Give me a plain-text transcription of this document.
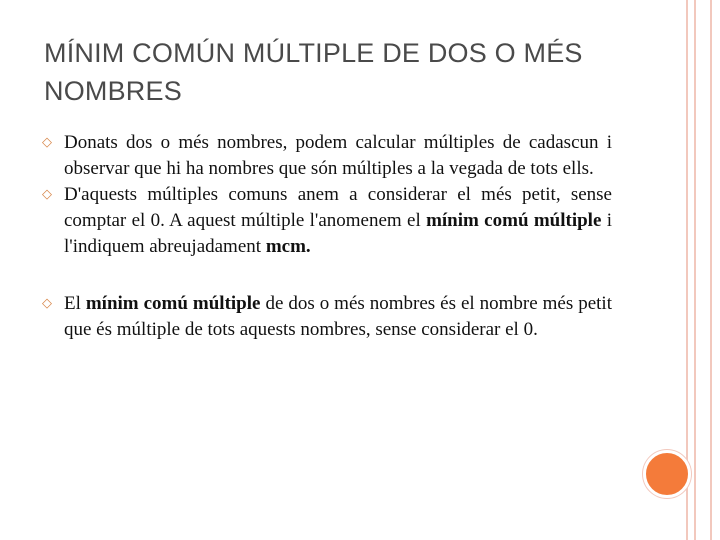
MÍNIM COMÚN MÚLTIPLE DE DOS O MÉS NOMBRES
◇ Donats dos o més nombres, podem calcular múltiples de cadascun i observar que hi ha nombres que són múltiples a la vegada de tots ells.
◇ D'aquests múltiples comuns anem a considerar el més petit, sense comptar el 0. A aquest múltiple l'anomenem el mínim comú múltiple i l'indiquem abreujadament mcm.
◇ El mínim comú múltiple de dos o més nombres és el nombre més petit que és múltiple de tots aquests nombres, sense considerar el 0.
